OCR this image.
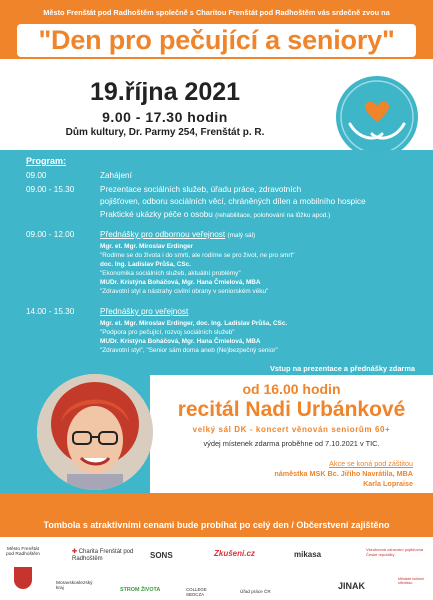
Město Frenštát pod Radhoštěm společně s Charitou Frenštát pod Radhoštěm vás srdečně zvou na
"Den pro pečující a seniory"
19.října 2021
9.00 - 17.30 hodin
Dům kultury, Dr. Parmy 254, Frenštát p. R.
Program:
09.00	Zahájení
09.00 - 15.30	Prezentace sociálních služeb, úřadu práce, zdravotních
pojišťoven, odboru sociálních věcí, chráněných dílen a mobilního hospice
Praktické ukázky péče o osobu (rehabilitace, polohování na lůžku apod.)
09.00 - 12.00	Přednášky pro odbornou veřejnost (malý sál)
Mgr. et. Mgr. Miroslav Erdinger
"Rodíme se do života i do smrti, ale rodíme se pro život, ne pro smrt"
doc. Ing. Ladislav Průša, CSc.
"Ekonomika sociálních služeb, aktuální problémy"
MUDr. Kristýna Boháčová, Mgr. Hana Čmielová, MBA
"Zdravotní styl a nástrahy civilní obrany v seniorském věku"
14.00 - 15.30	Přednášky pro veřejnost
Mgr. et. Mgr. Miroslav Erdinger, doc. Ing. Ladislav Průša, CSc.
"Podpora pro pečující, rozvoj sociálních služeb"
MUDr. Kristýna Boháčová, Mgr. Hana Čmielová, MBA
"Zdravotní styl", "Senior sám doma aneb (Ne)bezpečný senior"
Vstup na prezentace a přednášky zdarma
od 16.00 hodin
recitál Nadi Urbánkové
velký sál DK - koncert věnován seniorům 60+
výdej místenek zdarma proběhne od 7.10.2021 v TIC.
Akce se koná pod záštitou
náměstka MSK Bc. Jiřího Navrátila, MBA
Karla Lopraise
Tombola s atraktivními cenami bude probíhat po celý den / Občerstvení zajištěno
Město Frenštát pod Radhoštěm	✚ Charita Frenštát pod Radhoštěm	SONS	Zkušeni.cz	mikasa
Všeobecná zdravotní pojišťovna České republiky
Moravskoslezský kraj	STROM ŽIVOTA	COLLEGE SBOCZA
Úřad práce ČR
JINAK
Městské kulturní středisko
